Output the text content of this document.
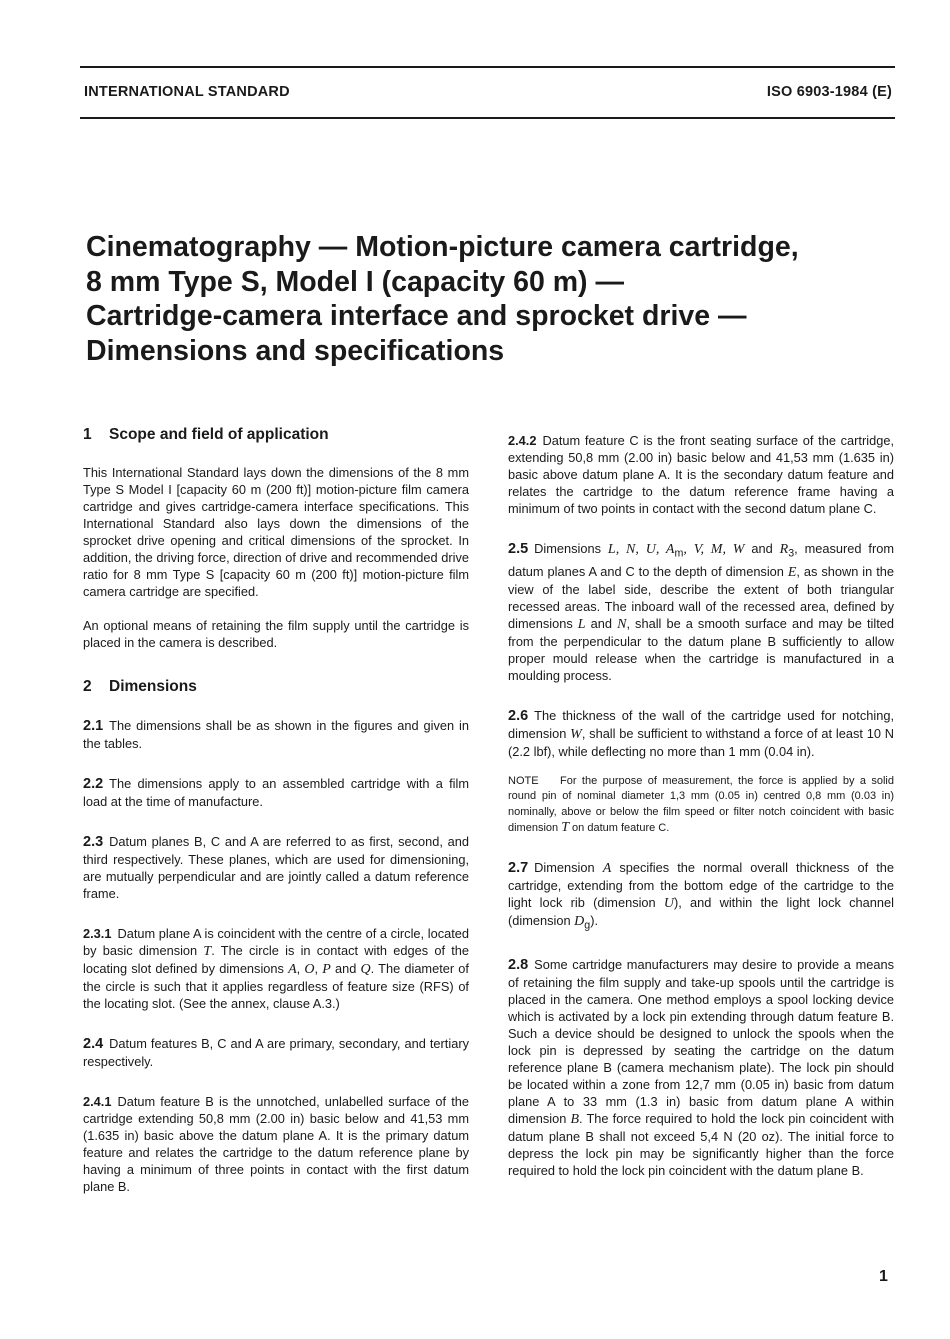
INTERNATIONAL STANDARD	ISO 6903-1984 (E)
Cinematography — Motion-picture camera cartridge,
8 mm Type S, Model I (capacity 60 m) —
Cartridge-camera interface and sprocket drive —
Dimensions and specifications

1 Scope and field of application

This International Standard lays down the dimensions of the 8 mm Type S Model I [capacity 60 m (200 ft)] motion-picture film camera cartridge and gives cartridge-camera interface specifications. This International Standard also lays down the dimensions of the sprocket drive opening and critical dimensions of the sprocket. In addition, the driving force, direction of drive and recommended drive ratio for 8 mm Type S [capacity 60 m (200 ft)] motion-picture film camera cartridge are specified.

An optional means of retaining the film supply until the cartridge is placed in the camera is described.

2 Dimensions

2.1 The dimensions shall be as shown in the figures and given in the tables.

2.2 The dimensions apply to an assembled cartridge with a film load at the time of manufacture.

2.3 Datum planes B, C and A are referred to as first, second, and third respectively. These planes, which are used for dimensioning, are mutually perpendicular and are jointly called a datum reference frame.

2.3.1 Datum plane A is coincident with the centre of a circle, located by basic dimension T. The circle is in contact with edges of the locating slot defined by dimensions A, O, P and Q. The diameter of the circle is such that it applies regardless of feature size (RFS) of the locating slot. (See the annex, clause A.3.)

2.4 Datum features B, C and A are primary, secondary, and tertiary respectively.

2.4.1 Datum feature B is the unnotched, unlabelled surface of the cartridge extending 50,8 mm (2.00 in) basic below and 41,53 mm (1.635 in) basic above the datum plane A. It is the primary datum feature and relates the cartridge to the datum reference plane by having a minimum of three points in contact with the first datum plane B.

2.4.2 Datum feature C is the front seating surface of the cartridge, extending 50,8 mm (2.00 in) basic below and 41,53 mm (1.635 in) basic above datum plane A. It is the secondary datum feature and relates the cartridge to the datum reference frame having a minimum of two points in contact with the second datum plane C.

2.5 Dimensions L, N, U, $A_m$, V, M, W and $R_3$, measured from datum planes A and C to the depth of dimension E, as shown in the view of the label side, describe the extent of both triangular recessed areas. The inboard wall of the recessed area, defined by dimensions L and N, shall be a smooth surface and may be tilted from the perpendicular to the datum plane B sufficiently to allow proper mould release when the cartridge is manufactured in a moulding process.

2.6 The thickness of the wall of the cartridge used for notching, dimension W, shall be sufficient to withstand a force of at least 10 N (2.2 lbf), while deflecting no more than 1 mm (0.04 in).

NOTE For the purpose of measurement, the force is applied by a solid round pin of nominal diameter 1,3 mm (0.05 in) centred 0,8 mm (0.03 in) nominally, above or below the film speed or filter notch coincident with basic dimension T on datum feature C.

2.7 Dimension A specifies the normal overall thickness of the cartridge, extending from the bottom edge of the cartridge to the light lock rib (dimension U), and within the light lock channel (dimension $D_g$).

2.8 Some cartridge manufacturers may desire to provide a means of retaining the film supply and take-up spools until the cartridge is placed in the camera. One method employs a spool locking device which is activated by a lock pin extending through datum feature B. Such a device should be designed to unlock the spools when the lock pin is depressed by seating the cartridge on the datum reference plane B (camera mechanism plate). The lock pin should be located within a zone from 12,7 mm (0.05 in) basic from datum plane A to 33 mm (1.3 in) basic from datum plane A within dimension B. The force required to hold the lock pin coincident with datum plane B shall not exceed 5,4 N (20 oz). The initial force to depress the lock pin may be significantly higher than the force required to hold the lock pin coincident with the datum plane B.

1
